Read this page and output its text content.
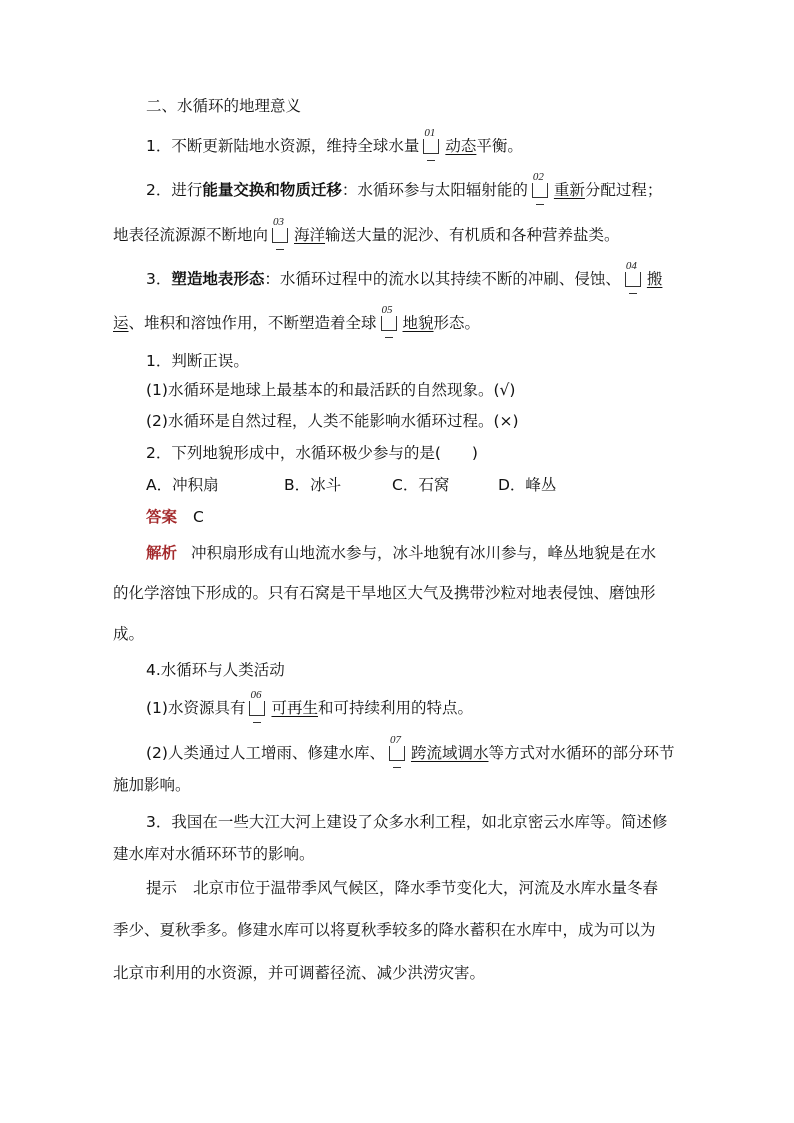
二、水循环的地理意义
1．不断更新陆地水资源，维持全球水量
01
动态平衡。
2．进行能量交换和物质迁移：水循环参与太阳辐射能的
02
重新分配过程；
地表径流源源不断地向
03
海洋输送大量的泥沙、有机质和各种营养盐类。
3．塑造地表形态：水循环过程中的流水以其持续不断的冲刷、侵蚀、
04
搬
运、堆积和溶蚀作用，不断塑造着全球
05
地貌形态。
1．判断正误。
(1)水循环是地球上最基本的和最活跃的自然现象。(√)
(2)水循环是自然过程，人类不能影响水循环过程。(×)
2．下列地貌形成中，水循环极少参与的是(　　)
A．冲积扇	B．冰斗	C．石窝	D．峰丛
答案 C
解析 冲积扇形成有山地流水参与，冰斗地貌有冰川参与，峰丛地貌是在水
的化学溶蚀下形成的。只有石窝是干旱地区大气及携带沙粒对地表侵蚀、磨蚀形
成。
4.水循环与人类活动
(1)水资源具有
06
可再生和可持续利用的特点。
(2)人类通过人工增雨、修建水库、
07
跨流域调水等方式对水循环的部分环节
施加影响。
3．我国在一些大江大河上建设了众多水利工程，如北京密云水库等。简述修
建水库对水循环环节的影响。
提示 北京市位于温带季风气候区，降水季节变化大，河流及水库水量冬春
季少、夏秋季多。修建水库可以将夏秋季较多的降水蓄积在水库中，成为可以为
北京市利用的水资源，并可调蓄径流、减少洪涝灾害。
